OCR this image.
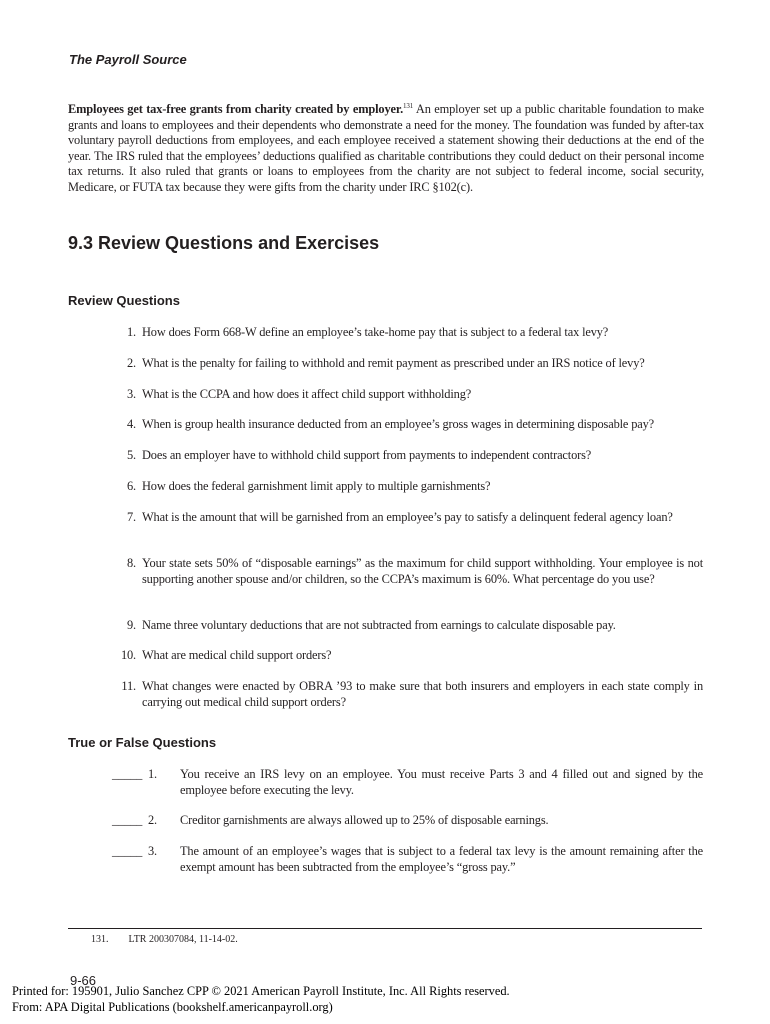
The Payroll Source

Employees get tax-free grants from charity created by employer.$^{131}$ An employer set up a public charitable foundation to make grants and loans to employees and their dependents who demonstrate a need for the money. The foundation was funded by after-tax voluntary payroll deductions from employees, and each employee received a statement showing their deductions at the end of the year. The IRS ruled that the employees’ deductions qualified as charitable contributions they could deduct on their personal income tax returns. It also ruled that grants or loans to employees from the charity are not subject to federal income, social security, Medicare, or FUTA tax because they were gifts from the charity under IRC §102(c).

9.3 Review Questions and Exercises
Review Questions
1. How does Form 668-W define an employee’s take-home pay that is subject to a federal tax levy?
2. What is the penalty for failing to withhold and remit payment as prescribed under an IRS notice of levy?
3. What is the CCPA and how does it affect child support withholding?
4. When is group health insurance deducted from an employee’s gross wages in determining disposable pay?
5. Does an employer have to withhold child support from payments to independent contractors?
6. How does the federal garnishment limit apply to multiple garnishments?
7. What is the amount that will be garnished from an employee’s pay to satisfy a delinquent federal agency loan?
8. Your state sets 50% of “disposable earnings” as the maximum for child support withholding. Your employee is not supporting another spouse and/or children, so the CCPA’s maximum is 60%. What percentage do you use?
9. Name three voluntary deductions that are not subtracted from earnings to calculate disposable pay.
10. What are medical child support orders?
11. What changes were enacted by OBRA ’93 to make sure that both insurers and employers in each state comply in carrying out medical child support orders?
True or False Questions
_____ 1.	You receive an IRS levy on an employee. You must receive Parts 3 and 4 filled out and signed by the employee before executing the levy.
_____ 2.	Creditor garnishments are always allowed up to 25% of disposable earnings.
_____ 3.	The amount of an employee’s wages that is subject to a federal tax levy is the amount remaining after the exempt amount has been subtracted from the employee’s “gross pay.”
131. LTR 200307084, 11-14-02.
9-66
Printed for: 195901, Julio Sanchez CPP © 2021 American Payroll Institute, Inc. All Rights reserved.
From: APA Digital Publications (bookshelf.americanpayroll.org)
